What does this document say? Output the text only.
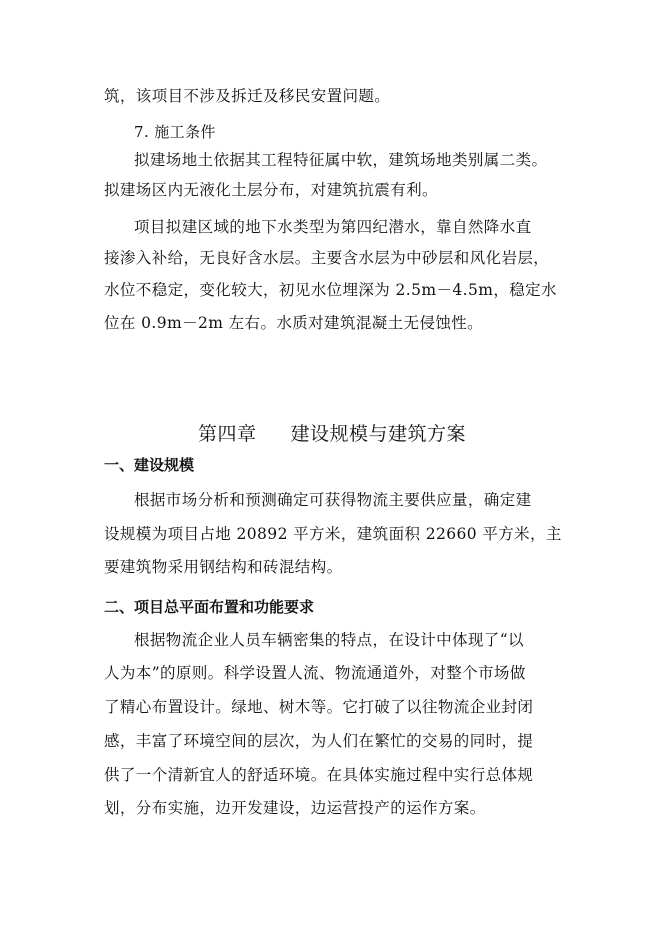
筑，该项目不涉及拆迁及移民安置问题。
7. 施工条件
拟建场地土依据其工程特征属中软，建筑场地类别属二类。
拟建场区内无液化土层分布，对建筑抗震有利。
项目拟建区域的地下水类型为第四纪潜水，靠自然降水直
接渗入补给，无良好含水层。主要含水层为中砂层和风化岩层，
水位不稳定，变化较大，初见水位埋深为 2.5m－4.5m，稳定水
位在 0.9m－2m 左右。水质对建筑混凝土无侵蚀性。
第四章 建设规模与建筑方案
一、建设规模
根据市场分析和预测确定可获得物流主要供应量，确定建
设规模为项目占地 20892 平方米，建筑面积 22660 平方米，主
要建筑物采用钢结构和砖混结构。
二、项目总平面布置和功能要求
根据物流企业人员车辆密集的特点，在设计中体现了“以
人为本”的原则。科学设置人流、物流通道外，对整个市场做
了精心布置设计。绿地、树木等。它打破了以往物流企业封闭
感，丰富了环境空间的层次，为人们在繁忙的交易的同时，提
供了一个清新宜人的舒适环境。在具体实施过程中实行总体规
划，分布实施，边开发建设，边运营投产的运作方案。
